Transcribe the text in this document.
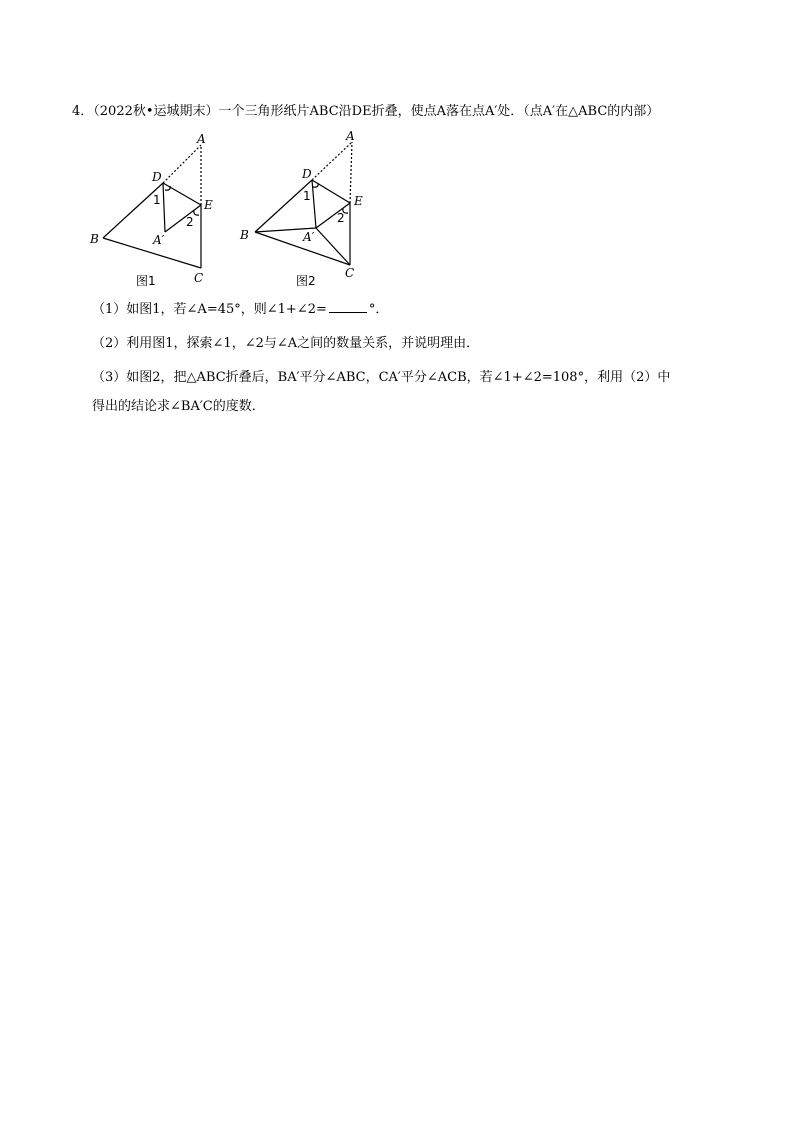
4．（2022秋•运城期末）一个三角形纸片ABC沿DE折叠，使点A落在点A′处．（点A′在△ABC的内部）
A
D
E
B
C
A′
1
2
图1
A
D
E
B
C
A′
1
2
图2
（1）如图1，若∠A=45°，则∠1+∠2=	°．
（2）利用图1，探索∠1，∠2与∠A之间的数量关系，并说明理由．
（3）如图2，把△ABC折叠后，BA′平分∠ABC，CA′平分∠ACB，若∠1+∠2=108°，利用（2）中
得出的结论求∠BA′C的度数．
